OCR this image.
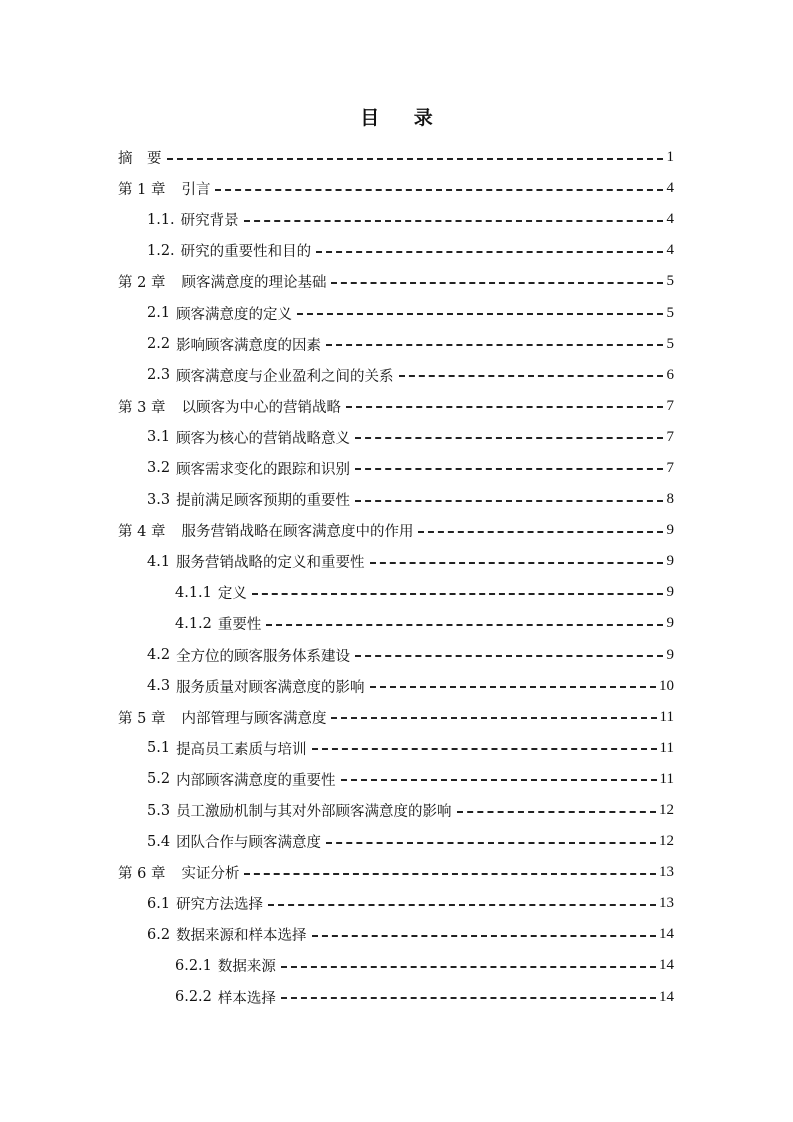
目 录
摘　要	1
第 1 章 引言	4
1.1. 研究背景	4
1.2. 研究的重要性和目的	4
第 2 章 顾客满意度的理论基础	5
2.1 顾客满意度的定义	5
2.2 影响顾客满意度的因素	5
2.3 顾客满意度与企业盈利之间的关系	6
第 3 章 以顾客为中心的营销战略	7
3.1 顾客为核心的营销战略意义	7
3.2 顾客需求变化的跟踪和识别	7
3.3 提前满足顾客预期的重要性	8
第 4 章 服务营销战略在顾客满意度中的作用	9
4.1 服务营销战略的定义和重要性	9
4.1.1 定义	9
4.1.2 重要性	9
4.2 全方位的顾客服务体系建设	9
4.3 服务质量对顾客满意度的影响	10
第 5 章 内部管理与顾客满意度	11
5.1 提高员工素质与培训	11
5.2 内部顾客满意度的重要性	11
5.3 员工激励机制与其对外部顾客满意度的影响	12
5.4 团队合作与顾客满意度	12
第 6 章 实证分析	13
6.1 研究方法选择	13
6.2 数据来源和样本选择	14
6.2.1 数据来源	14
6.2.2 样本选择	14
